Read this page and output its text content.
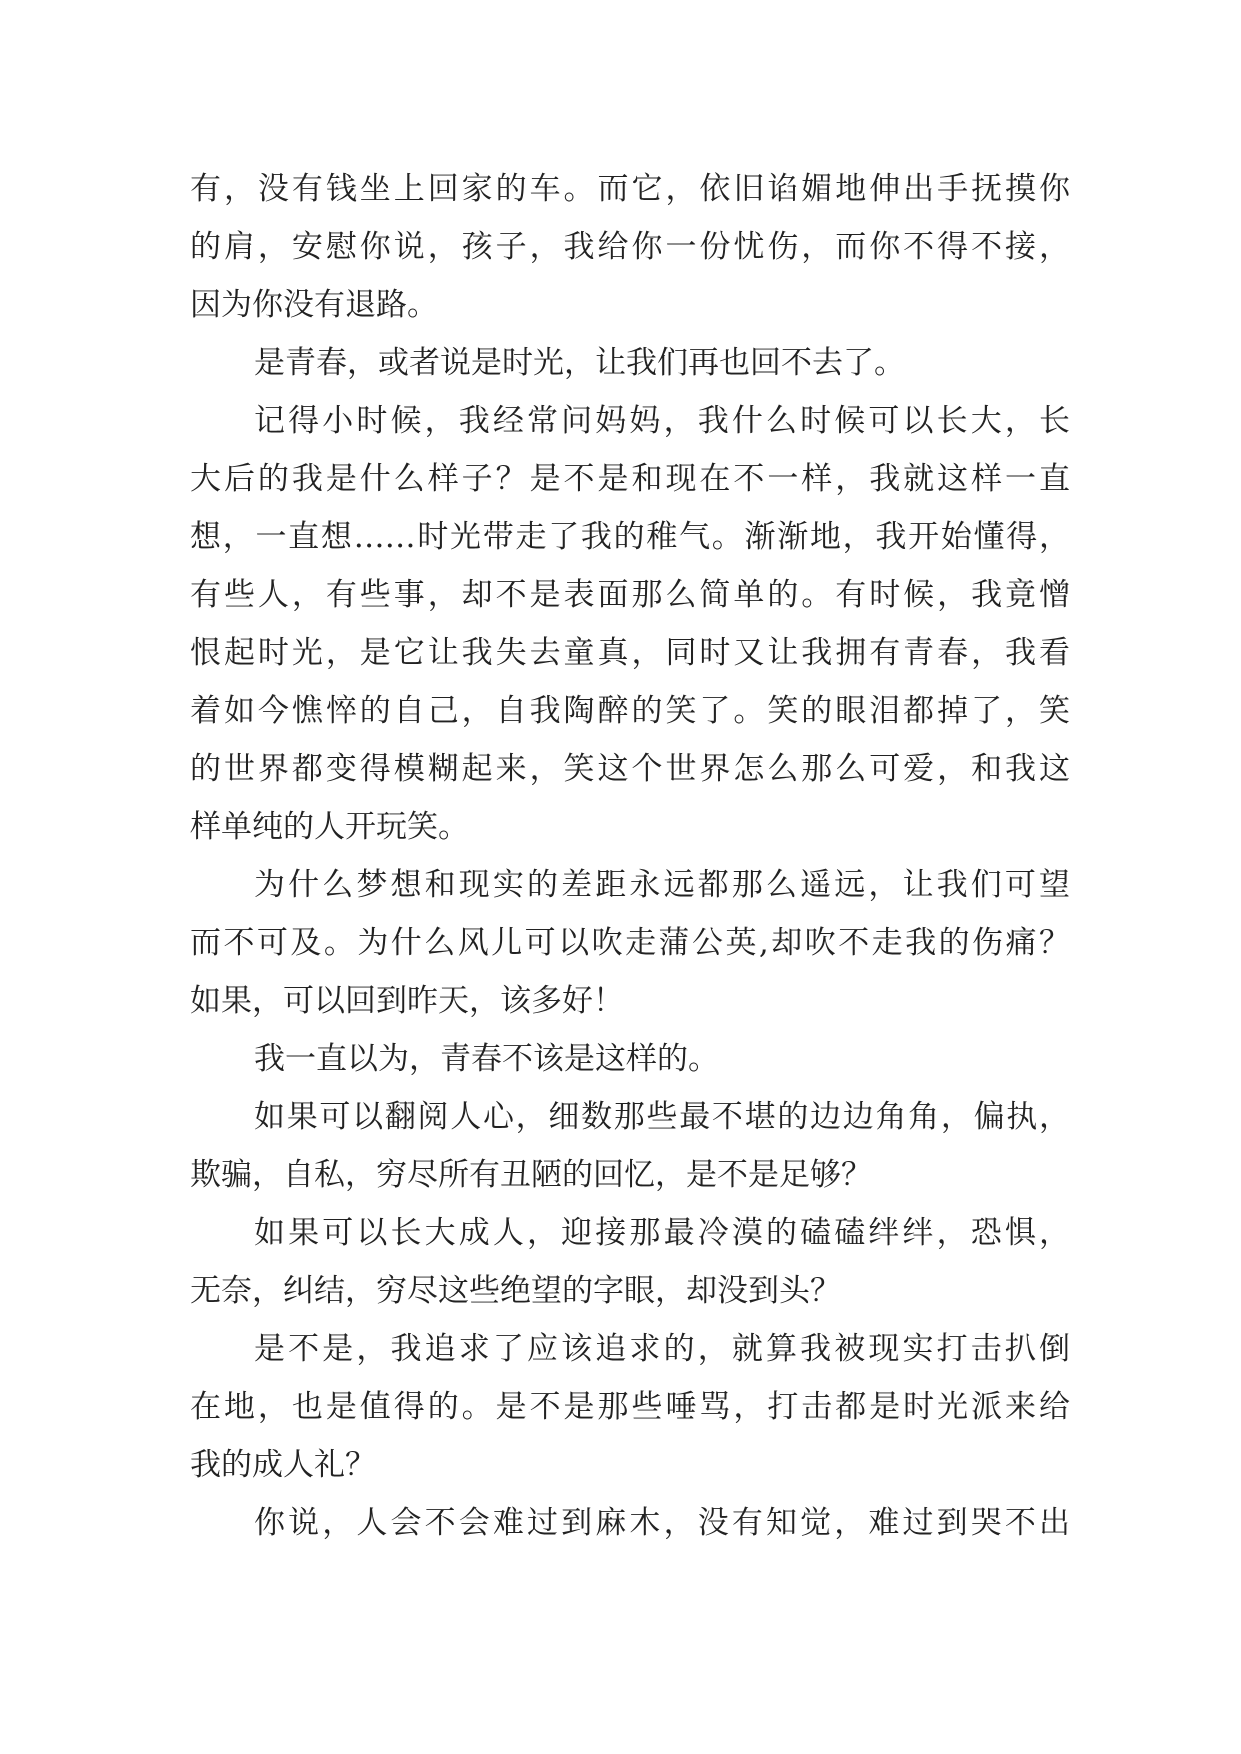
有，没有钱坐上回家的车。而它，依旧谄媚地伸出手抚摸你
的肩，安慰你说，孩子，我给你一份忧伤，而你不得不接，
因为你没有退路。
是青春，或者说是时光，让我们再也回不去了。
记得小时候，我经常问妈妈，我什么时候可以长大，长
大后的我是什么样子？是不是和现在不一样，我就这样一直
想，一直想……时光带走了我的稚气。渐渐地，我开始懂得，
有些人，有些事，却不是表面那么简单的。有时候，我竟憎
恨起时光，是它让我失去童真，同时又让我拥有青春，我看
着如今憔悴的自己，自我陶醉的笑了。笑的眼泪都掉了，笑
的世界都变得模糊起来，笑这个世界怎么那么可爱，和我这
样单纯的人开玩笑。
为什么梦想和现实的差距永远都那么遥远，让我们可望
而不可及。为什么风儿可以吹走蒲公英,却吹不走我的伤痛？
如果，可以回到昨天，该多好！
我一直以为，青春不该是这样的。
如果可以翻阅人心，细数那些最不堪的边边角角，偏执，
欺骗，自私，穷尽所有丑陋的回忆，是不是足够？
如果可以长大成人，迎接那最冷漠的磕磕绊绊，恐惧，
无奈，纠结，穷尽这些绝望的字眼，却没到头？
是不是，我追求了应该追求的，就算我被现实打击扒倒
在地，也是值得的。是不是那些唾骂，打击都是时光派来给
我的成人礼？
你说，人会不会难过到麻木，没有知觉，难过到哭不出
